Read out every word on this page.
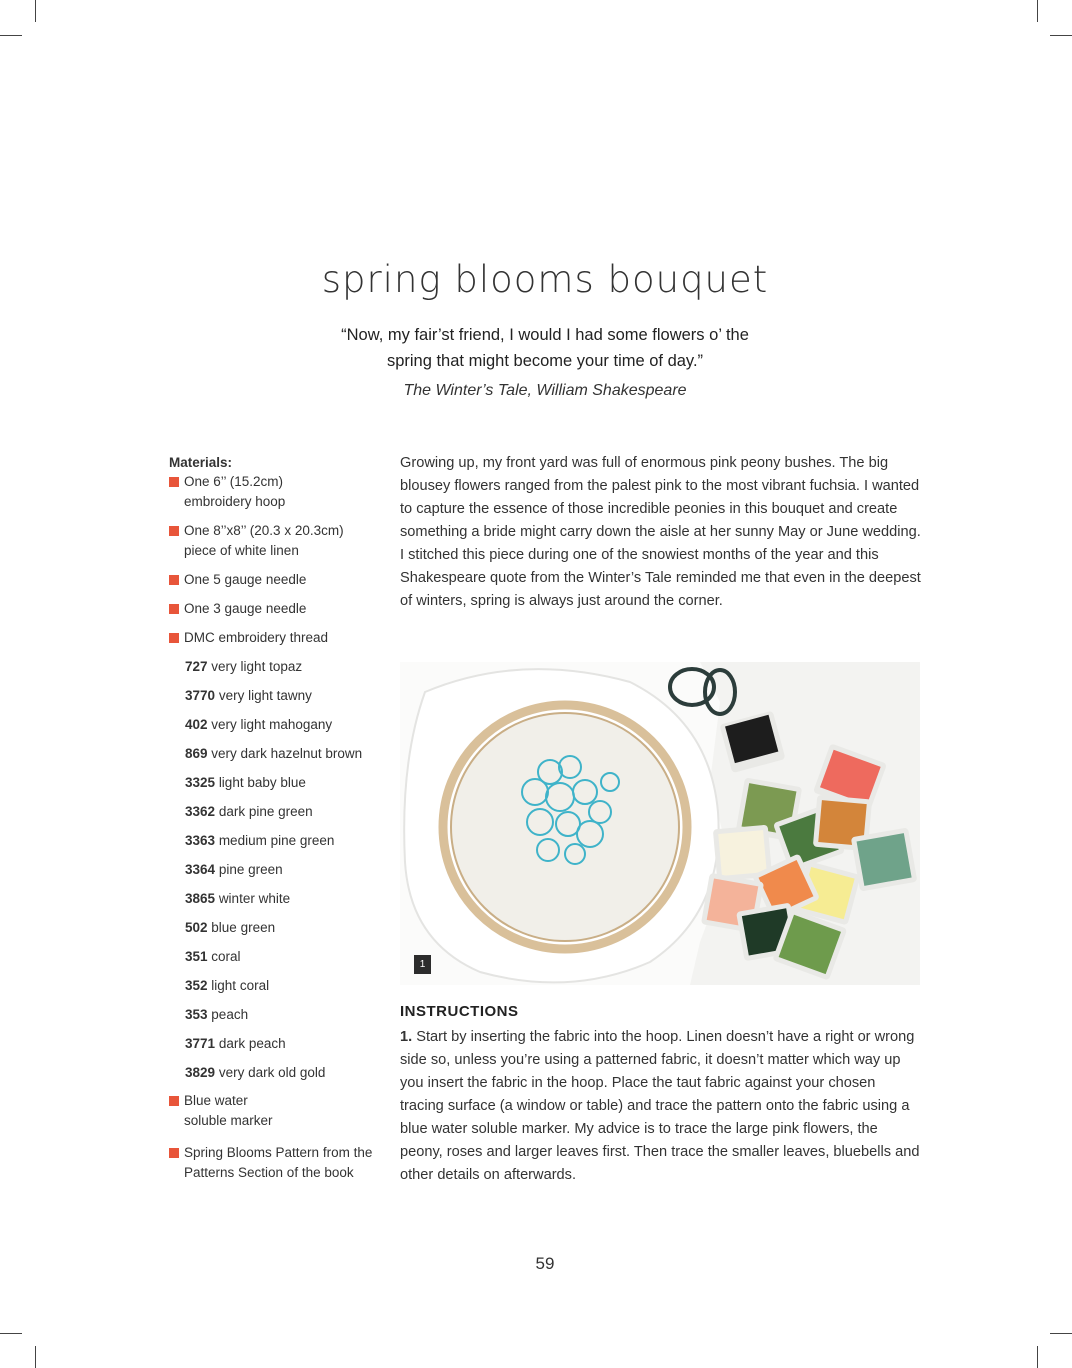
spring blooms bouquet
“Now, my fair’st friend, I would I had some flowers o’ the
spring that might become your time of day.”
The Winter’s Tale, William Shakespeare
Materials:
One 6’’ (15.2cm)
embroidery hoop
One 8’’x8’’ (20.3 x 20.3cm)
piece of white linen
One 5 gauge needle
One 3 gauge needle
DMC embroidery thread
727 very light topaz
3770 very light tawny
402 very light mahogany
869 very dark hazelnut brown
3325 light baby blue
3362 dark pine green
3363 medium pine green
3364 pine green
3865 winter white
502 blue green
351 coral
352 light coral
353 peach
3771 dark peach
3829 very dark old gold
Blue water
soluble marker
Spring Blooms Pattern from the
Patterns Section of the book

Growing up, my front yard was full of enormous pink peony bushes. The big blousey flowers ranged from the palest pink to the most vibrant fuchsia. I wanted to capture the essence of those incredible peonies in this bouquet and create something a bride might carry down the aisle at her sunny May or June wedding.

I stitched this piece during one of the snowiest months of the year and this Shakespeare quote from the Winter’s Tale reminded me that even in the deepest of winters, spring is always just around the corner.

1
INSTRUCTIONS

1. Start by inserting the fabric into the hoop. Linen doesn’t have a right or wrong side so, unless you’re using a patterned fabric, it doesn’t matter which way up you insert the fabric in the hoop. Place the taut fabric against your chosen tracing surface (a window or table) and trace the pattern onto the fabric using a blue water soluble marker. My advice is to trace the large pink flowers, the peony, roses and larger leaves first. Then trace the smaller leaves, bluebells and other details on afterwards.

59
